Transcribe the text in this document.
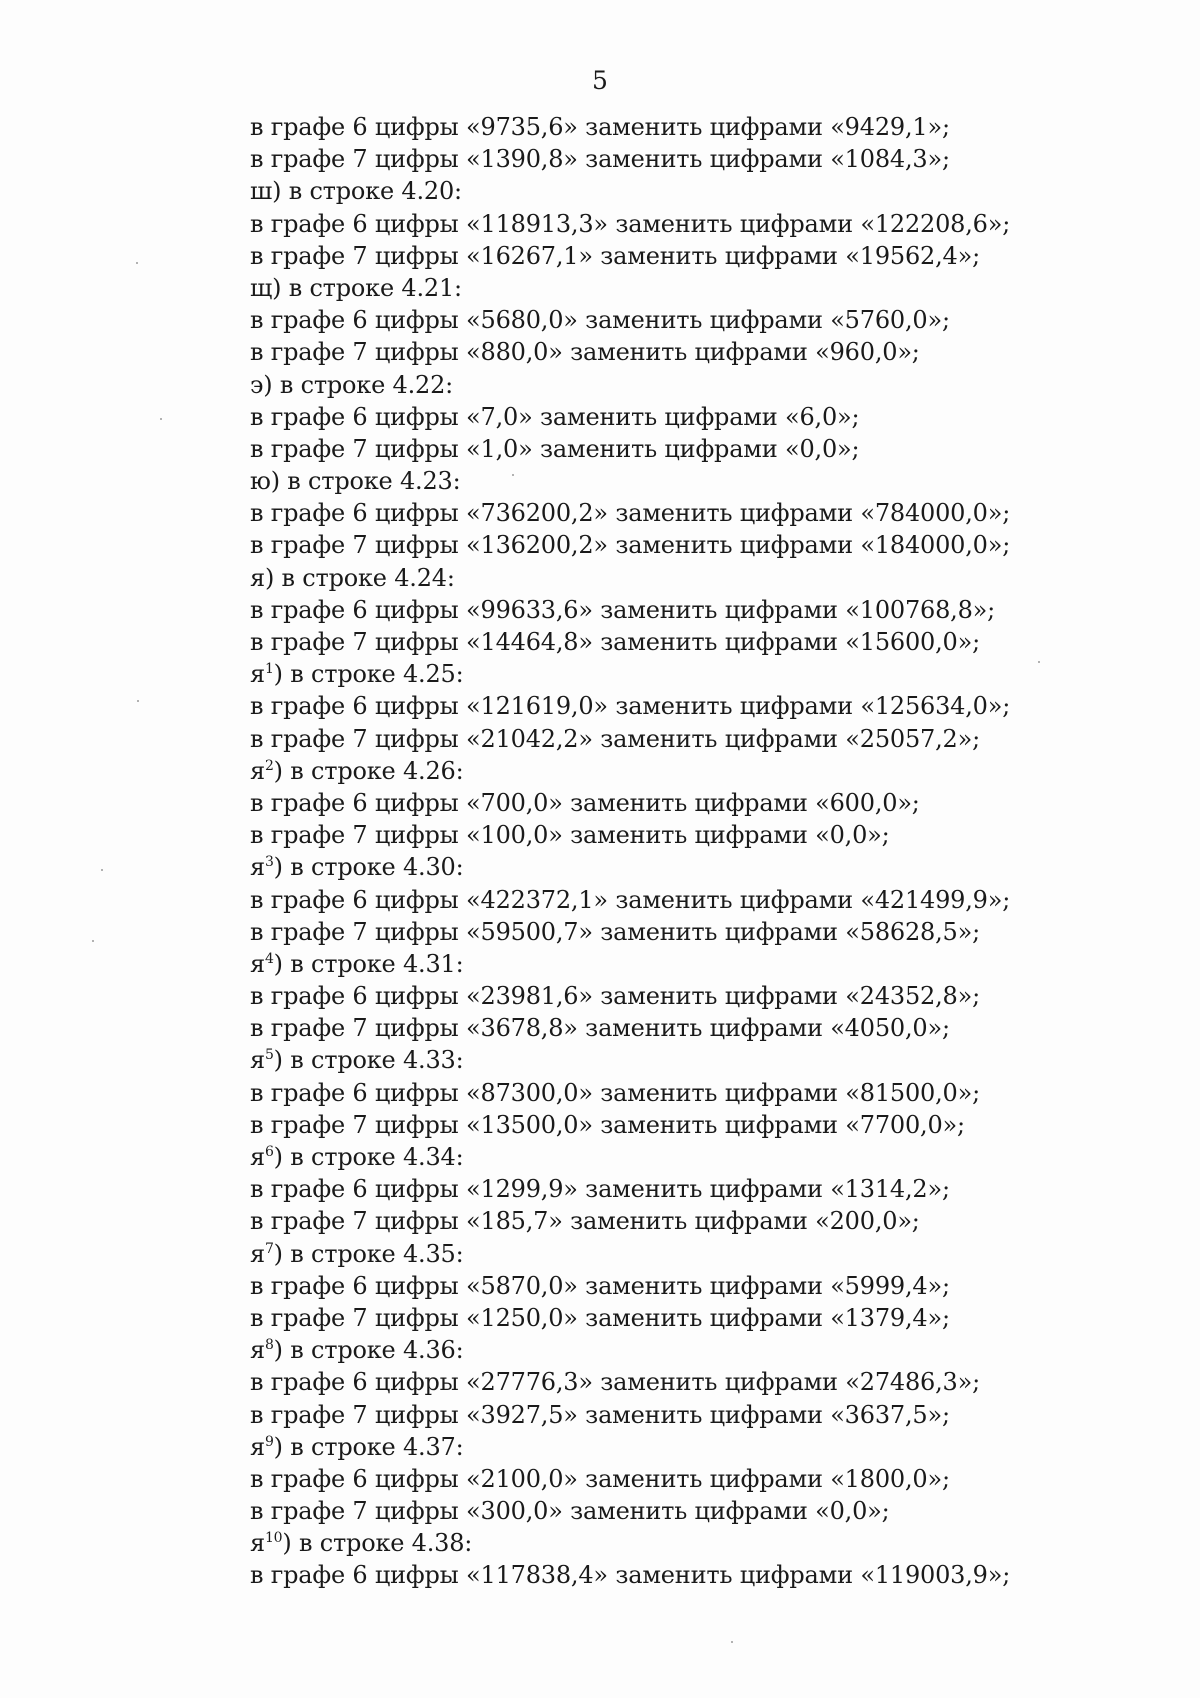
5
в графе 6 цифры «9735,6» заменить цифрами «9429,1»;
в графе 7 цифры «1390,8» заменить цифрами «1084,3»;
ш) в строке 4.20:
в графе 6 цифры «118913,3» заменить цифрами «122208,6»;
в графе 7 цифры «16267,1» заменить цифрами «19562,4»;
щ) в строке 4.21:
в графе 6 цифры «5680,0» заменить цифрами «5760,0»;
в графе 7 цифры «880,0» заменить цифрами «960,0»;
э) в строке 4.22:
в графе 6 цифры «7,0» заменить цифрами «6,0»;
в графе 7 цифры «1,0» заменить цифрами «0,0»;
ю) в строке 4.23:
в графе 6 цифры «736200,2» заменить цифрами «784000,0»;
в графе 7 цифры «136200,2» заменить цифрами «184000,0»;
я) в строке 4.24:
в графе 6 цифры «99633,6» заменить цифрами «100768,8»;
в графе 7 цифры «14464,8» заменить цифрами «15600,0»;
$я^1$) в строке 4.25:
в графе 6 цифры «121619,0» заменить цифрами «125634,0»;
в графе 7 цифры «21042,2» заменить цифрами «25057,2»;
$я^2$) в строке 4.26:
в графе 6 цифры «700,0» заменить цифрами «600,0»;
в графе 7 цифры «100,0» заменить цифрами «0,0»;
$я^3$) в строке 4.30:
в графе 6 цифры «422372,1» заменить цифрами «421499,9»;
в графе 7 цифры «59500,7» заменить цифрами «58628,5»;
$я^4$) в строке 4.31:
в графе 6 цифры «23981,6» заменить цифрами «24352,8»;
в графе 7 цифры «3678,8» заменить цифрами «4050,0»;
$я^5$) в строке 4.33:
в графе 6 цифры «87300,0» заменить цифрами «81500,0»;
в графе 7 цифры «13500,0» заменить цифрами «7700,0»;
$я^6$) в строке 4.34:
в графе 6 цифры «1299,9» заменить цифрами «1314,2»;
в графе 7 цифры «185,7» заменить цифрами «200,0»;
$я^7$) в строке 4.35:
в графе 6 цифры «5870,0» заменить цифрами «5999,4»;
в графе 7 цифры «1250,0» заменить цифрами «1379,4»;
$я^8$) в строке 4.36:
в графе 6 цифры «27776,3» заменить цифрами «27486,3»;
в графе 7 цифры «3927,5» заменить цифрами «3637,5»;
$я^9$) в строке 4.37:
в графе 6 цифры «2100,0» заменить цифрами «1800,0»;
в графе 7 цифры «300,0» заменить цифрами «0,0»;
$я^{10}$) в строке 4.38:
в графе 6 цифры «117838,4» заменить цифрами «119003,9»;
